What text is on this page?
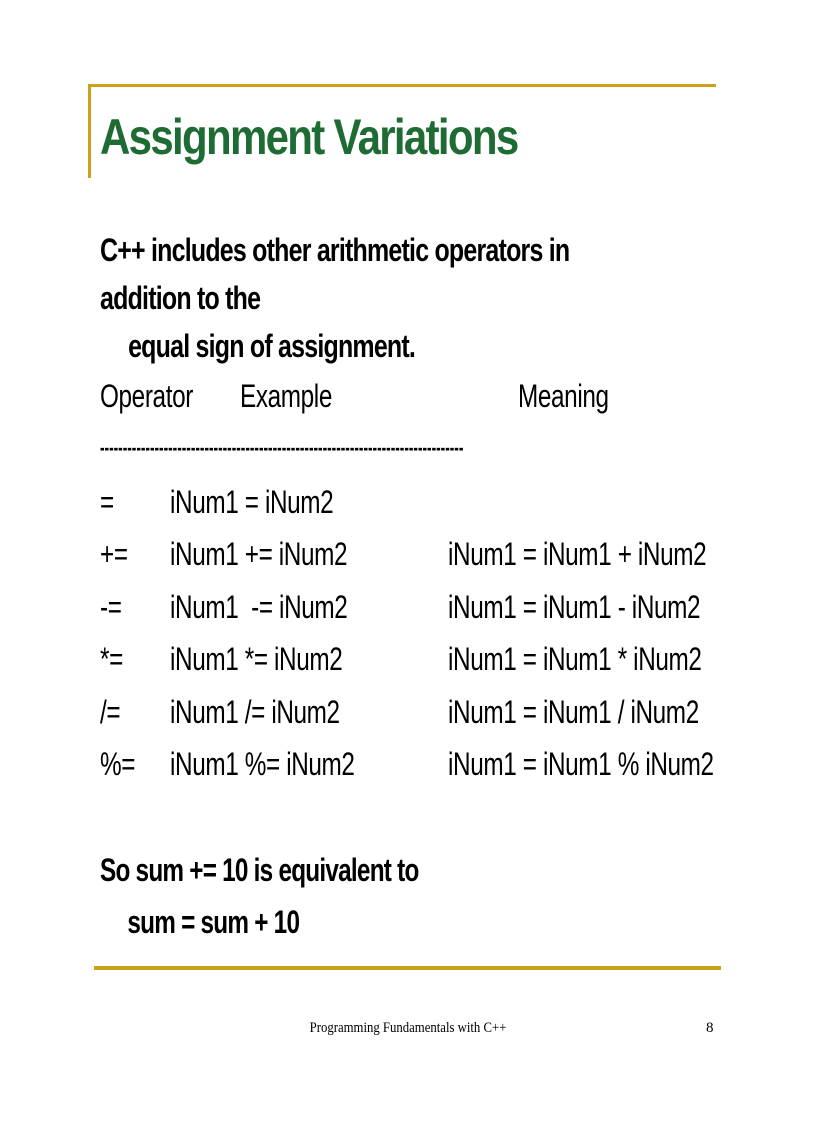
Assignment Variations
C++ includes other arithmetic operators in addition to the
equal sign of assignment.
Operator Example	Meaning
--------------------------------------------------------------------------------
= iNum1 = iNum2
+= iNum1 += iNum2	iNum1 = iNum1 + iNum2
-= iNum1  -= iNum2	iNum1 = iNum1 - iNum2
*= iNum1 *= iNum2	iNum1 = iNum1 * iNum2
/= iNum1 /= iNum2	iNum1 = iNum1 / iNum2
%= iNum1 %= iNum2	iNum1 = iNum1 % iNum2
So sum += 10 is equivalent to
sum = sum + 10
Programming Fundamentals with C++	8
